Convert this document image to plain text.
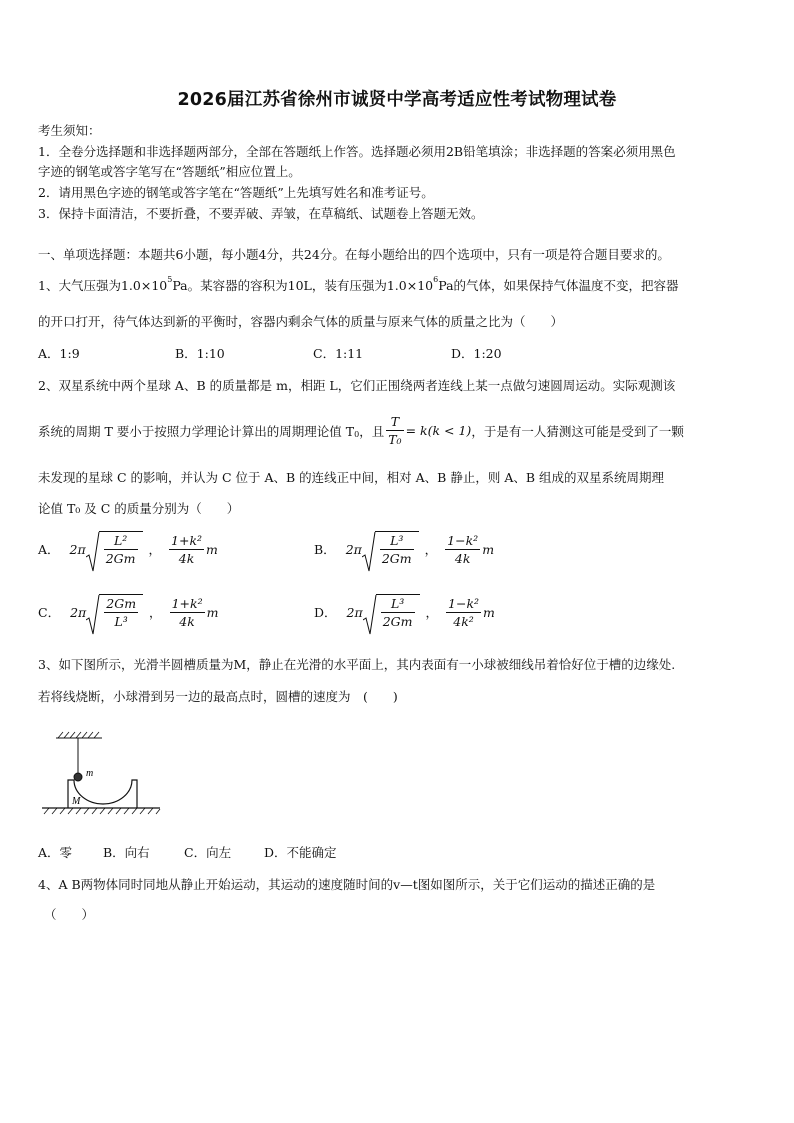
2026届江苏省徐州市诚贤中学高考适应性考试物理试卷
考生须知：
1．全卷分选择题和非选择题两部分，全部在答题纸上作答。选择题必须用2B铅笔填涂；非选择题的答案必须用黑色
字迹的钢笔或答字笔写在“答题纸”相应位置上。
2．请用黑色字迹的钢笔或答字笔在“答题纸”上先填写姓名和准考证号。
3．保持卡面清洁，不要折叠，不要弄破、弄皱，在草稿纸、试题卷上答题无效。
一、单项选择题：本题共6小题，每小题4分，共24分。在每小题给出的四个选项中，只有一项是符合题目要求的。
1、大气压强为$1.0\times 10^5Pa$。某容器的容积为10L，装有压强为$1.0\times 10^6Pa$的气体，如果保持气体温度不变，把容器
的开口打开，待气体达到新的平衡时，容器内剩余气体的质量与原来气体的质量之比为（　　）
A．1:9	B．1:10	C．1:11	D．1:20
2、双星系统中两个星球 A、B 的质量都是 m，相距 L，它们正围绕两者连线上某一点做匀速圆周运动。实际观测该
系统的周期 T 要小于按照力学理论计算出的周期理论值 T 0 ，且 $\frac{T}{\text{T₀}} = k(k < 1)$ ，于是有一人猜测这可能是受到了一颗
未发现的星球 C 的影响，并认为 C 位于 A、B 的连线正中间，相对 A、B 静止，则 A、B 组成的双星系统周期理
论值 T₀ 及 C 的质量分别为（　　）
A． $2\pi \frac{\text{L²}}{2Gm}$ ， $\frac{\text{1+k²}}{4k}$ m	B． $2\pi \frac{\text{L³}}{2Gm}$ ， $\frac{\text{1−k²}}{4k}$ m
C． $2\pi \frac{2Gm}{\text{L³}}$ ， $\frac{\text{1+k²}}{4k}$ m	D． $2\pi \frac{\text{L³}}{2Gm}$ ， $\frac{\text{1−k²}}{\text{4k²}}$ m
3、如下图所示，光滑半圆槽质量为M，静止在光滑的水平面上，其内表面有一小球被细线吊着恰好位于槽的边缘处.
若将线烧断，小球滑到另一边的最高点时，圆槽的速度为　(　　)
m
M
A．零 B．向右	C．向左	D．不能确定
4、A B两物体同时同地从静止开始运动，其运动的速度随时间的v—t图如图所示，关于它们运动的描述正确的是
（　　）
